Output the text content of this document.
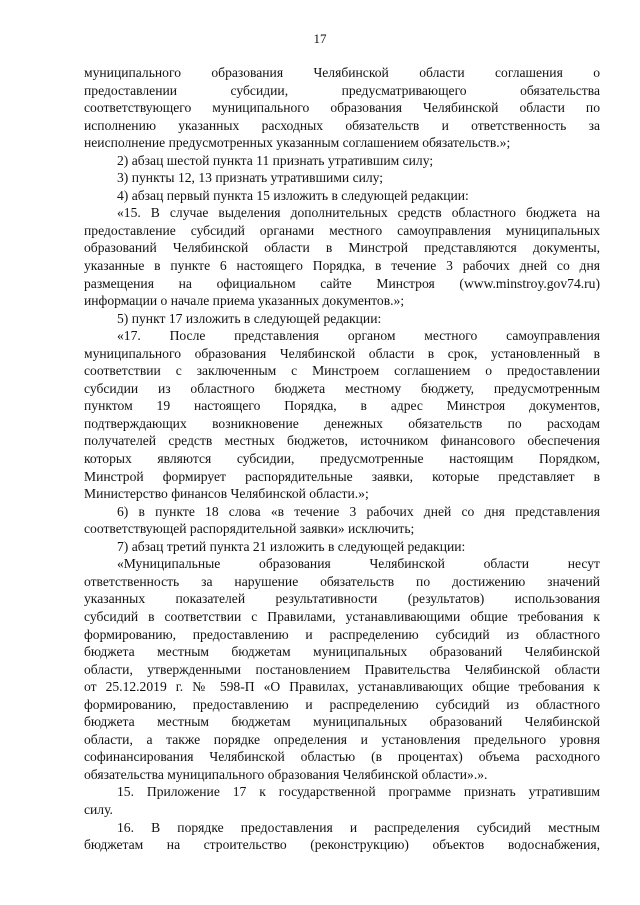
17
муниципального образования Челябинской области соглашения о
предоставлении субсидии, предусматривающего обязательства
соответствующего муниципального образования Челябинской области по
исполнению указанных расходных обязательств и ответственность за
неисполнение предусмотренных указанным соглашением обязательств.»;
2) абзац шестой пункта 11 признать утратившим силу;
3) пункты 12, 13 признать утратившими силу;
4) абзац первый пункта 15 изложить в следующей редакции:
«15. В случае выделения дополнительных средств областного бюджета на
предоставление субсидий органами местного самоуправления муниципальных
образований Челябинской области в Минстрой представляются документы,
указанные в пункте 6 настоящего Порядка, в течение 3 рабочих дней со дня
размещения на официальном сайте Минстроя (www.minstroy.gov74.ru)
информации о начале приема указанных документов.»;
5) пункт 17 изложить в следующей редакции:
«17. После представления органом местного самоуправления
муниципального образования Челябинской области в срок, установленный в
соответствии с заключенным с Минстроем соглашением о предоставлении
субсидии из областного бюджета местному бюджету, предусмотренным
пунктом 19 настоящего Порядка, в адрес Минстроя документов,
подтверждающих возникновение денежных обязательств по расходам
получателей средств местных бюджетов, источником финансового обеспечения
которых являются субсидии, предусмотренные настоящим Порядком,
Минстрой формирует распорядительные заявки, которые представляет в
Министерство финансов Челябинской области.»;
6) в пункте 18 слова «в течение 3 рабочих дней со дня представления
соответствующей распорядительной заявки» исключить;
7) абзац третий пункта 21 изложить в следующей редакции:
«Муниципальные образования Челябинской области несут
ответственность за нарушение обязательств по достижению значений
указанных показателей результативности (результатов) использования
субсидий в соответствии с Правилами, устанавливающими общие требования к
формированию, предоставлению и распределению субсидий из областного
бюджета местным бюджетам муниципальных образований Челябинской
области, утвержденными постановлением Правительства Челябинской области
от 25.12.2019 г. № 598-П «О Правилах, устанавливающих общие требования к
формированию, предоставлению и распределению субсидий из областного
бюджета местным бюджетам муниципальных образований Челябинской
области, а также порядке определения и установления предельного уровня
софинансирования Челябинской областью (в процентах) объема расходного
обязательства муниципального образования Челябинской области».».
15. Приложение 17 к государственной программе признать утратившим
силу.
16. В порядке предоставления и распределения субсидий местным
бюджетам на строительство (реконструкцию) объектов водоснабжения,
